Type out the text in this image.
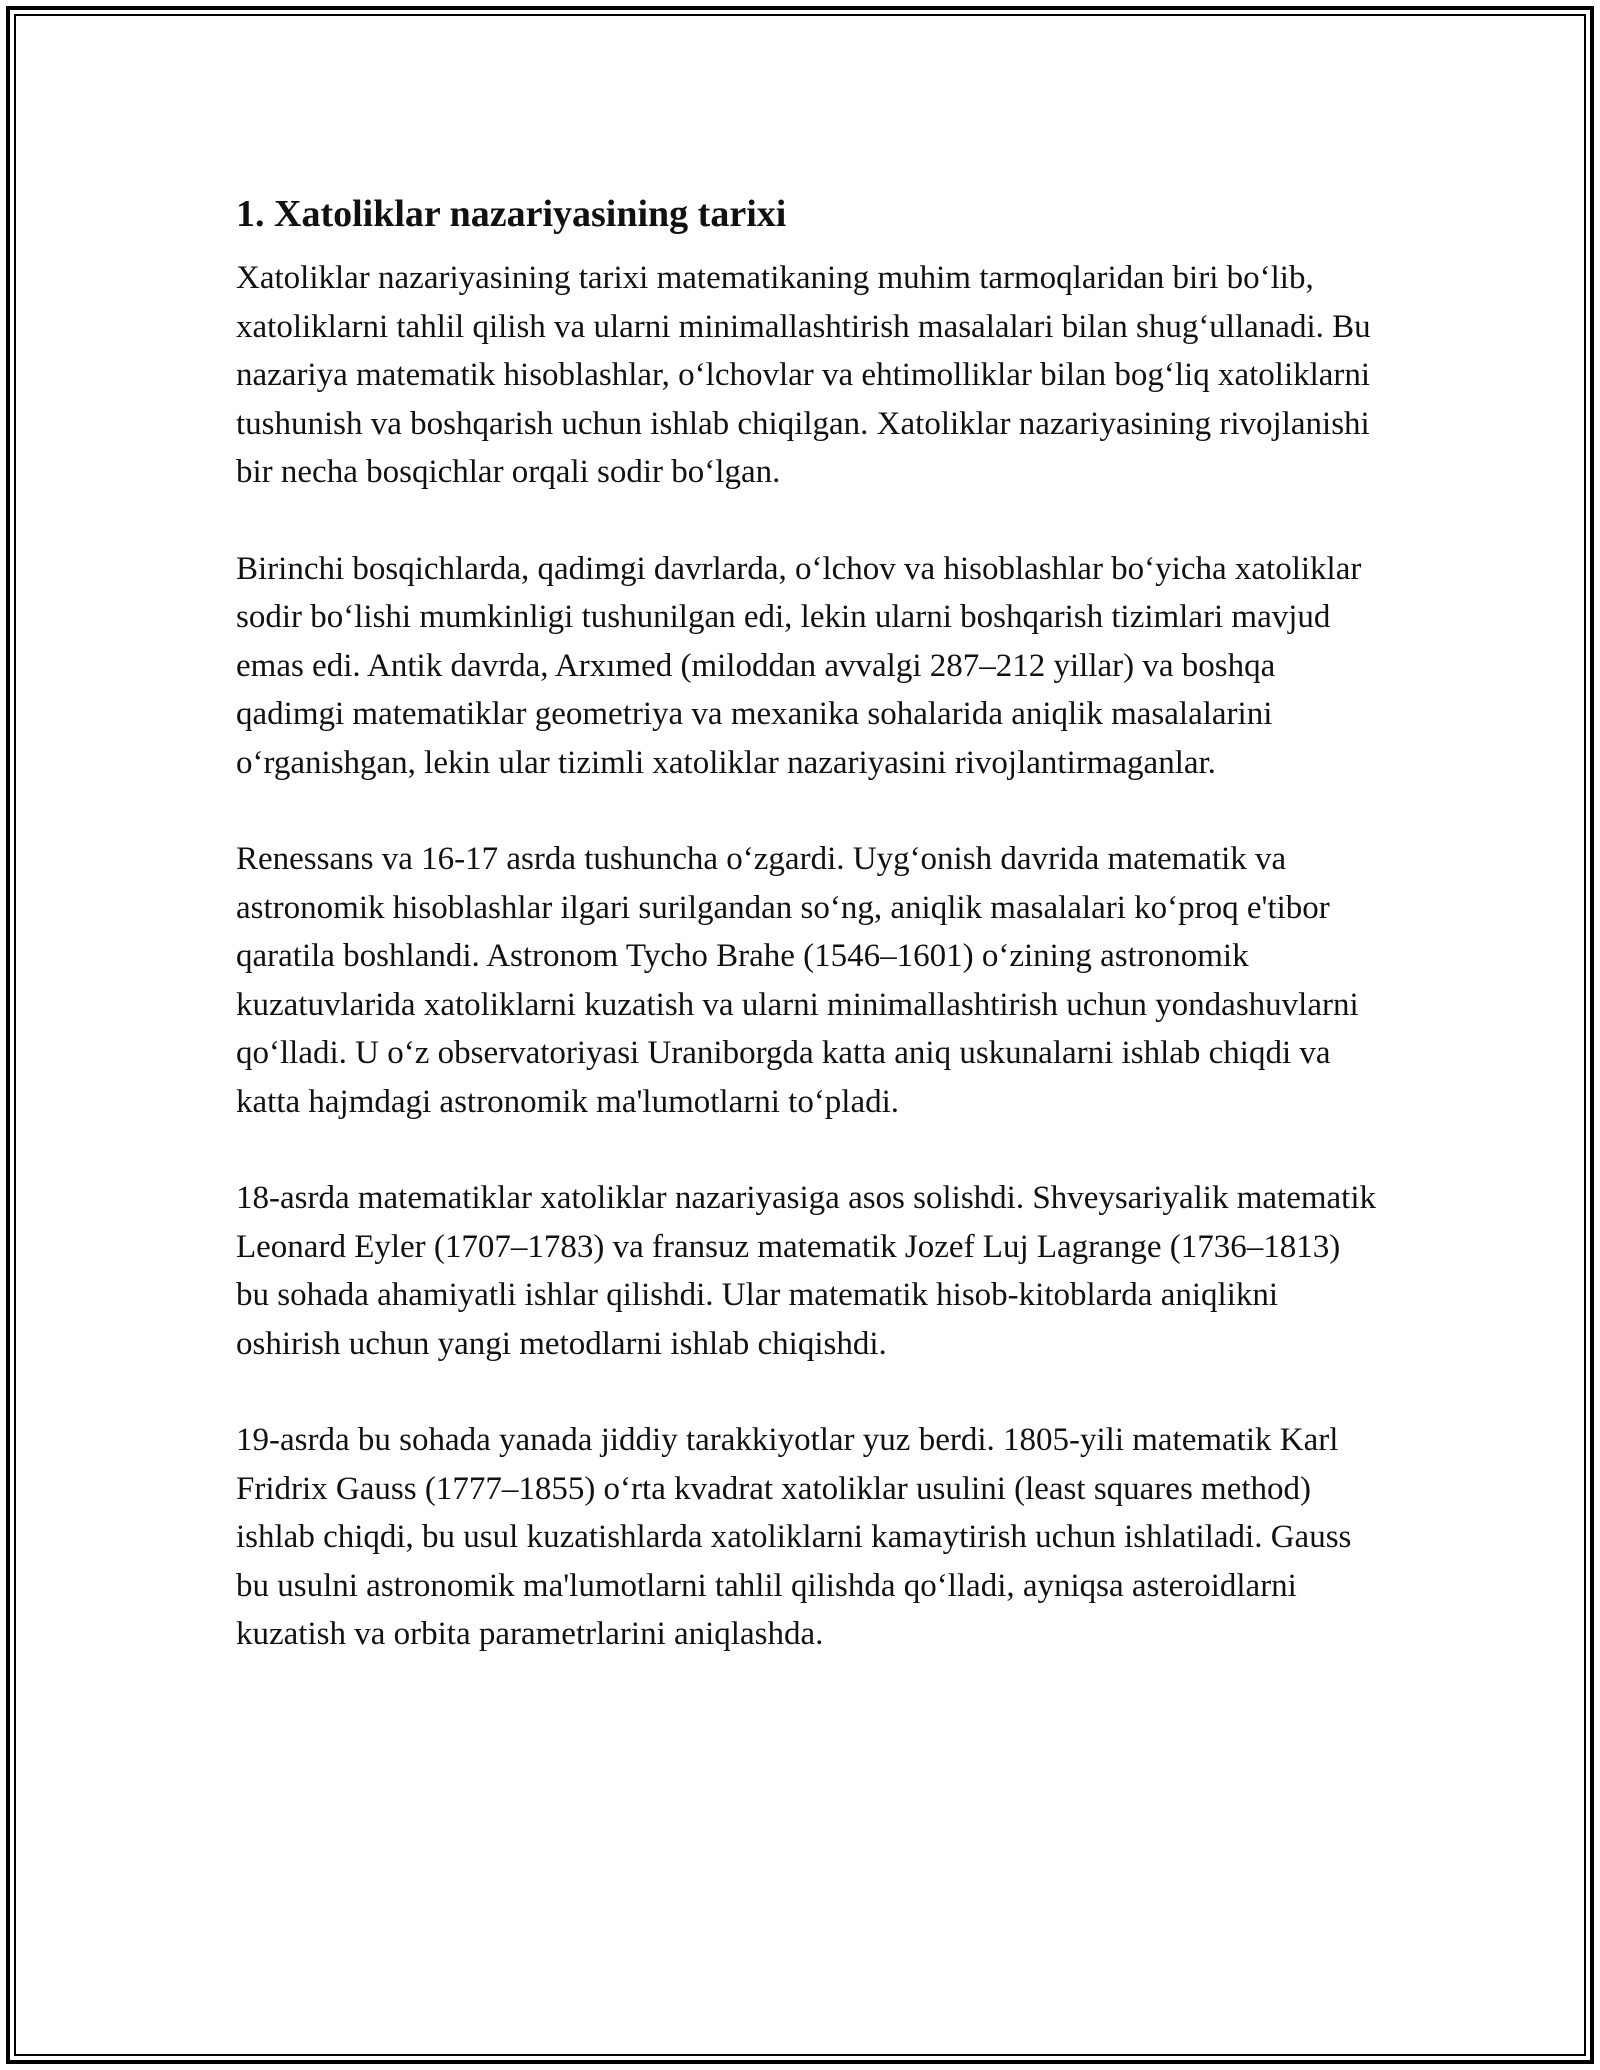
1. Xatoliklar nazariyasining tarixi

Xatoliklar nazariyasining tarixi matematikaning muhim tarmoqlaridan biri bo‘lib, xatoliklarni tahlil qilish va ularni minimallashtirish masalalari bilan shug‘ullanadi. Bu nazariya matematik hisoblashlar, o‘lchovlar va ehtimolliklar bilan bog‘liq xatoliklarni tushunish va boshqarish uchun ishlab chiqilgan. Xatoliklar nazariyasining rivojlanishi bir necha bosqichlar orqali sodir bo‘lgan.

Birinchi bosqichlarda, qadimgi davrlarda, o‘lchov va hisoblashlar bo‘yicha xatoliklar sodir bo‘lishi mumkinligi tushunilgan edi, lekin ularni boshqarish tizimlari mavjud emas edi. Antik davrda, Arxımed (miloddan avvalgi 287–212 yillar) va boshqa qadimgi matematiklar geometriya va mexanika sohalarida aniqlik masalalarini o‘rganishgan, lekin ular tizimli xatoliklar nazariyasini rivojlantirmaganlar.

Renessans va 16-17 asrda tushuncha o‘zgardi. Uyg‘onish davrida matematik va astronomik hisoblashlar ilgari surilgandan so‘ng, aniqlik masalalari ko‘proq e'tibor qaratila boshlandi. Astronom Tycho Brahe (1546–1601) o‘zining astronomik kuzatuvlarida xatoliklarni kuzatish va ularni minimallashtirish uchun yondashuvlarni qo‘lladi. U o‘z observatoriyasi Uraniborgda katta aniq uskunalarni ishlab chiqdi va katta hajmdagi astronomik ma'lumotlarni to‘pladi.

18-asrda matematiklar xatoliklar nazariyasiga asos solishdi. Shveysariyalik matematik Leonard Eyler (1707–1783) va fransuz matematik Jozef Luj Lagrange (1736–1813) bu sohada ahamiyatli ishlar qilishdi. Ular matematik hisob-kitoblarda aniqlikni oshirish uchun yangi metodlarni ishlab chiqishdi.

19-asrda bu sohada yanada jiddiy tarakkiyotlar yuz berdi. 1805-yili matematik Karl Fridrix Gauss (1777–1855) o‘rta kvadrat xatoliklar usulini (least squares method) ishlab chiqdi, bu usul kuzatishlarda xatoliklarni kamaytirish uchun ishlatiladi. Gauss bu usulni astronomik ma'lumotlarni tahlil qilishda qo‘lladi, ayniqsa asteroidlarni kuzatish va orbita parametrlarini aniqlashda.
